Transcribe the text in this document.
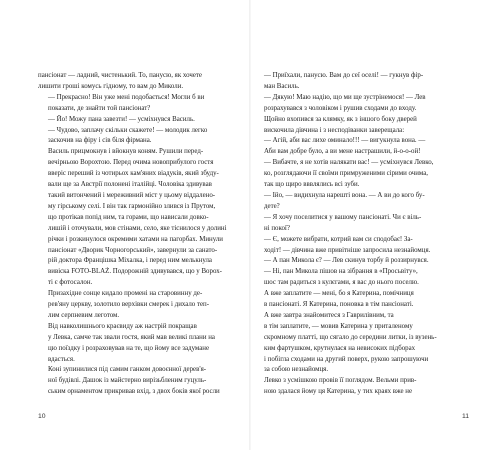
пансіонат — ладний, чистенький. То, панусю, як хочете
лишити гроші комусь гідному, то вам до Миколи.
— Прекрасно! Він уже мені подобається! Могли б ви
показати, де знайти той пансіонат?
— Йо! Можу пана завезти! — усміхнувся Василь.
— Чудово, заплачу скільки скажете! — молодик легко
заскочив на фіру і сів біля фірмана.
Василь прицмокнув і вйокнув коням. Рушили перед-
вечірньою Ворохтою. Перед очима новоприбулого гостя
вверіс переший із чотирьох кам'яних віадуків, який збуду-
вали ще за Австрії полонені італійці. Чоловіка здивував
такий витончений і мереживний міст у цьому віддалено-
му гірському селі. І він так гармонійно злився із Прутом,
що протікав попід ним, та горами, що нависали довко-
лишій і оточували, мов стінами, село, яке тіснилося у долині
річки і розкинулося окремими хатами на пагорбах. Минули
пансіонат «Дворик Чорногорський», завернули за санато-
рій доктора Францішка Міхалка, і перед ним мелькнула
вивіска FOTO-BLAŻ. Подорожній здивувався, що у Ворох-
ті є фотосалон.
Призахідне сонце кидало промені на старовинну де-
рев'яну церкву, золотило верхівки смерек і дихало теп-
лим серпневим леготом.
Від навколишнього краєвиду аж настрій покращав
у Левка, самче так звали гостя, який мав великі плани на
цю поїздку і розраховував на те, що йому все задуманe
вдасться.
Коні зупинилися під самим ганком довоєнної дерев'я-
ної будівлі. Дашок із майстерно вирізьбленим гуцуль-
ським орнаментом прикривав вхід, з двох боків якої росли
10
— Приїхали, панусю. Вам до сеї оселі! — гукнув фір-
ман Василь.
— Дякую! Маю надію, що ми ще зустрінемося! — Лев
розрахувався з чоловіком і рушив сходами до входу.
Щойно вхопився за клямку, як з іншого боку дверей
вискочила дівчина і з несподіванки заверещала:
— Агій, аби вас лихе оминало!!! — вигукнула вона. —
Аби вам добре було, а ви мене настрашили, й-о-о-ой!
— Вибачте, я не хотів налякати вас! — усміхнувся Левко,
ко, розглядаючи її своїми примруженими сірими очима,
так що щиро вввлялись всі зуби.
— Ійо, — видихнула нарешті вона. — А ви до кого бу-
дете?
— Я хочу поселитися у вашому пансіонаті. Чи є віль-
ні покої?
— Є, можете вибрати, котрий вам си сподобає! За-
ходіт! — дівчина вже привітніше запросила незнайомця.
— А пан Микола є? — Лев скинув торбу й роззирнувся.
— Ні, пан Микола пішов на зібрання в «Просьвіту»,
шос там радиться з кулєгами, я вас до нього поселю.
А вже заплатите — мені, бо я Катерина, помічниця
в пансіонаті. Я Катерина, поновка в тім пансіонаті.
А вже завтра знайомитеся з Гаврилівним, та
в тім заплатите, — мовив Катерина у приталеному
скромному платті, що сягало до середини литки, із вузень-
ким фартушком, крутнулася на невисоких підборах
і побігла сходами на другий поверх, рукою запрошуючи
за собою незнайомця.
Левко з усмішкою провів її поглядом. Вельми прив-
ною здалася йому ця Катерина, у тих краях вже не
11
